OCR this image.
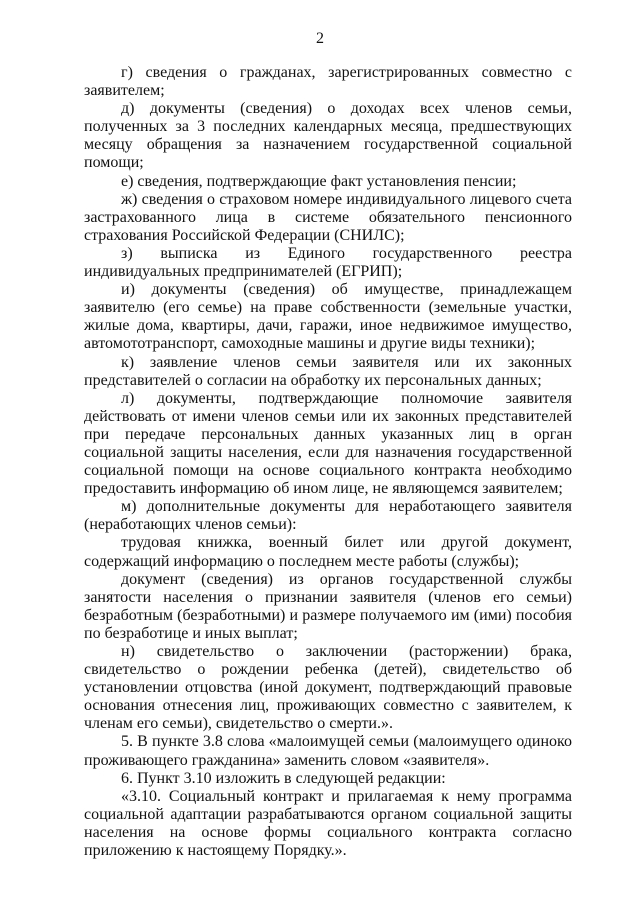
2

г) сведения о гражданах, зарегистрированных совместно с заявителем;

д) документы (сведения) о доходах всех членов семьи, полученных за 3 последних календарных месяца, предшествующих месяцу обращения за назначением государственной социальной помощи;

е) сведения, подтверждающие факт установления пенсии;

ж) сведения о страховом номере индивидуального лицевого счета застрахованного лица в системе обязательного пенсионного страхования Российской Федерации (СНИЛС);

з) выписка из Единого государственного реестра индивидуальных предпринимателей (ЕГРИП);

и) документы (сведения) об имуществе, принадлежащем заявителю (его семье) на праве собственности (земельные участки, жилые дома, квартиры, дачи, гаражи, иное недвижимое имущество, автомототранспорт, самоходные машины и другие виды техники);

к) заявление членов семьи заявителя или их законных представителей о согласии на обработку их персональных данных;

л) документы, подтверждающие полномочие заявителя действовать от имени членов семьи или их законных представителей при передаче персональных данных указанных лиц в орган социальной защиты населения, если для назначения государственной социальной помощи на основе социального контракта необходимо предоставить информацию об ином лице, не являющемся заявителем;

м) дополнительные документы для неработающего заявителя (неработающих членов семьи):

трудовая книжка, военный билет или другой документ, содержащий информацию о последнем месте работы (службы);

документ (сведения) из органов государственной службы занятости населения о признании заявителя (членов его семьи) безработным (безработными) и размере получаемого им (ими) пособия по безработице и иных выплат;

н) свидетельство о заключении (расторжении) брака, свидетельство о рождении ребенка (детей), свидетельство об установлении отцовства (иной документ, подтверждающий правовые основания отнесения лиц, проживающих совместно с заявителем, к членам его семьи), свидетельство о смерти.».

5. В пункте 3.8 слова «малоимущей семьи (малоимущего одиноко проживающего гражданина» заменить словом «заявителя».

6. Пункт 3.10 изложить в следующей редакции:

«3.10. Социальный контракт и прилагаемая к нему программа социальной адаптации разрабатываются органом социальной защиты населения на основе формы социального контракта согласно приложению к настоящему Порядку.».
